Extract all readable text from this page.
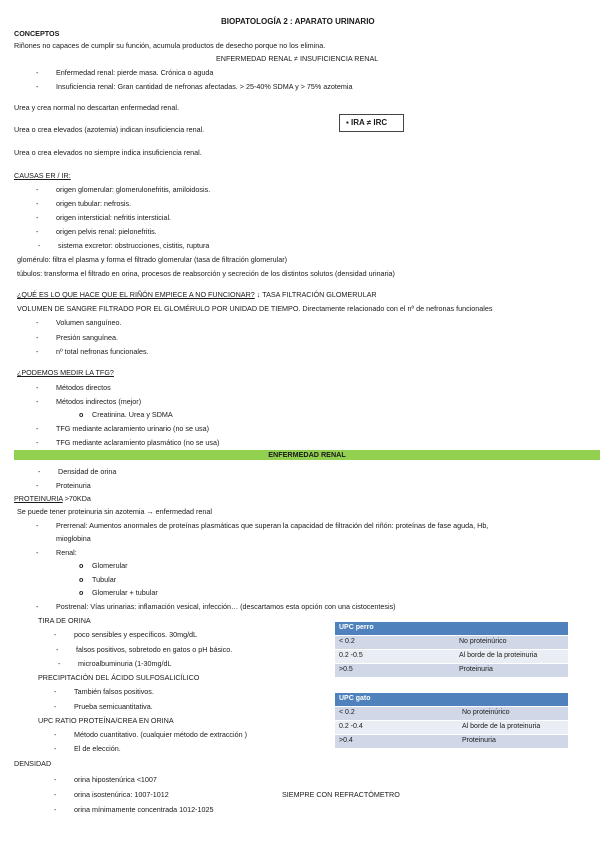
BIOPATOLOGÍA 2 : APARATO URINARIO
CONCEPTOS
Riñones no capaces de cumplir su función, acumula productos de desecho porque no los elimina.
ENFERMEDAD RENAL ≠ INSUFICIENCIA RENAL
- Enfermedad renal: pierde masa. Crónica o aguda
- Insuficiencia renal: Gran cantidad de nefronas afectadas. > 25-40% SDMA y > 75% azotemia
Urea y crea normal no descartan enfermedad renal.
▪ IRA ≠ IRC
Urea o crea elevados (azotemia) indican insuficiencia renal.
Urea o crea elevados no siempre indica insuficiencia renal.
CAUSAS ER / IR:
- origen glomerular: glomerulonefritis, amiloidosis.
- origen tubular: nefrosis.
- origen intersticial: nefritis intersticial.
- origen pelvis renal: pielonefritis.
- sistema excretor: obstrucciones, cistitis, ruptura
glomérulo: filtra el plasma y forma el filtrado glomerular (tasa de filtración glomerular)
túbulos: transforma el filtrado en orina, procesos de reabsorción y secreción de los distintos solutos (densidad urinaria)
¿QUÉ ES LO QUE HACE QUE EL RIÑÓN EMPIECE A NO FUNCIONAR? ↓ TASA FILTRACIÓN GLOMERULAR
VOLUMEN DE SANGRE FILTRADO POR EL GLOMÉRULO POR UNIDAD DE TIEMPO. Directamente relacionado con el nº de nefronas funcionales
- Volumen sanguíneo.
- Presión sanguínea.
- nº total nefronas funcionales.
¿PODEMOS MEDIR LA TFG?
- Métodos directos
- Métodos indirectos (mejor)
o Creatinina. Urea y SDMA
- TFG mediante aclaramiento urinario (no se usa)
- TFG mediante aclaramiento plasmático (no se usa)
ENFERMEDAD RENAL
- Densidad de orina
- Proteinuria
PROTEINURIA >70KDa
Se puede tener proteinuria sin azotemia → enfermedad renal
- Prerrenal: Aumentos anormales de proteínas plasmáticas que superan la capacidad de filtración del riñón: proteínas de fase aguda, Hb,
mioglobina
- Renal:
o Glomerular
o Tubular
o Glomerular + tubular
- Postrenal: Vías urinarias: inflamación vesical, infección… (descartamos esta opción con una cistocentesis)
TIRA DE ORINA
- poco sensibles y específicos. 30mg/dL
- falsos positivos, sobretodo en gatos o pH básico.
- microalbuminuria (1-30mg/dL
PRECIPITACIÓN DEL ÁCIDO SULFOSALICÍLICO
- También falsos positivos.
- Prueba semicuantitativa.
UPC RATIO PROTEÍNA/CREA EN ORINA
- Método cuantitativo. (cualquier método de extracción )
- El de elección.
DENSIDAD
- orina hipostenúrica <1007
- orina isostenúrica: 1007-1012	SIEMPRE CON REFRACTÓMETRO
- orina mínimamente concentrada 1012-1025
UPC perro	
< 0.2	No proteinúrico
0.2 -0.5	Al borde de la proteinuria
>0.5	Proteinuria
UPC gato	
< 0.2	No proteinúrico
0.2 -0.4	Al borde de la proteinuria
>0.4	Proteinuria
